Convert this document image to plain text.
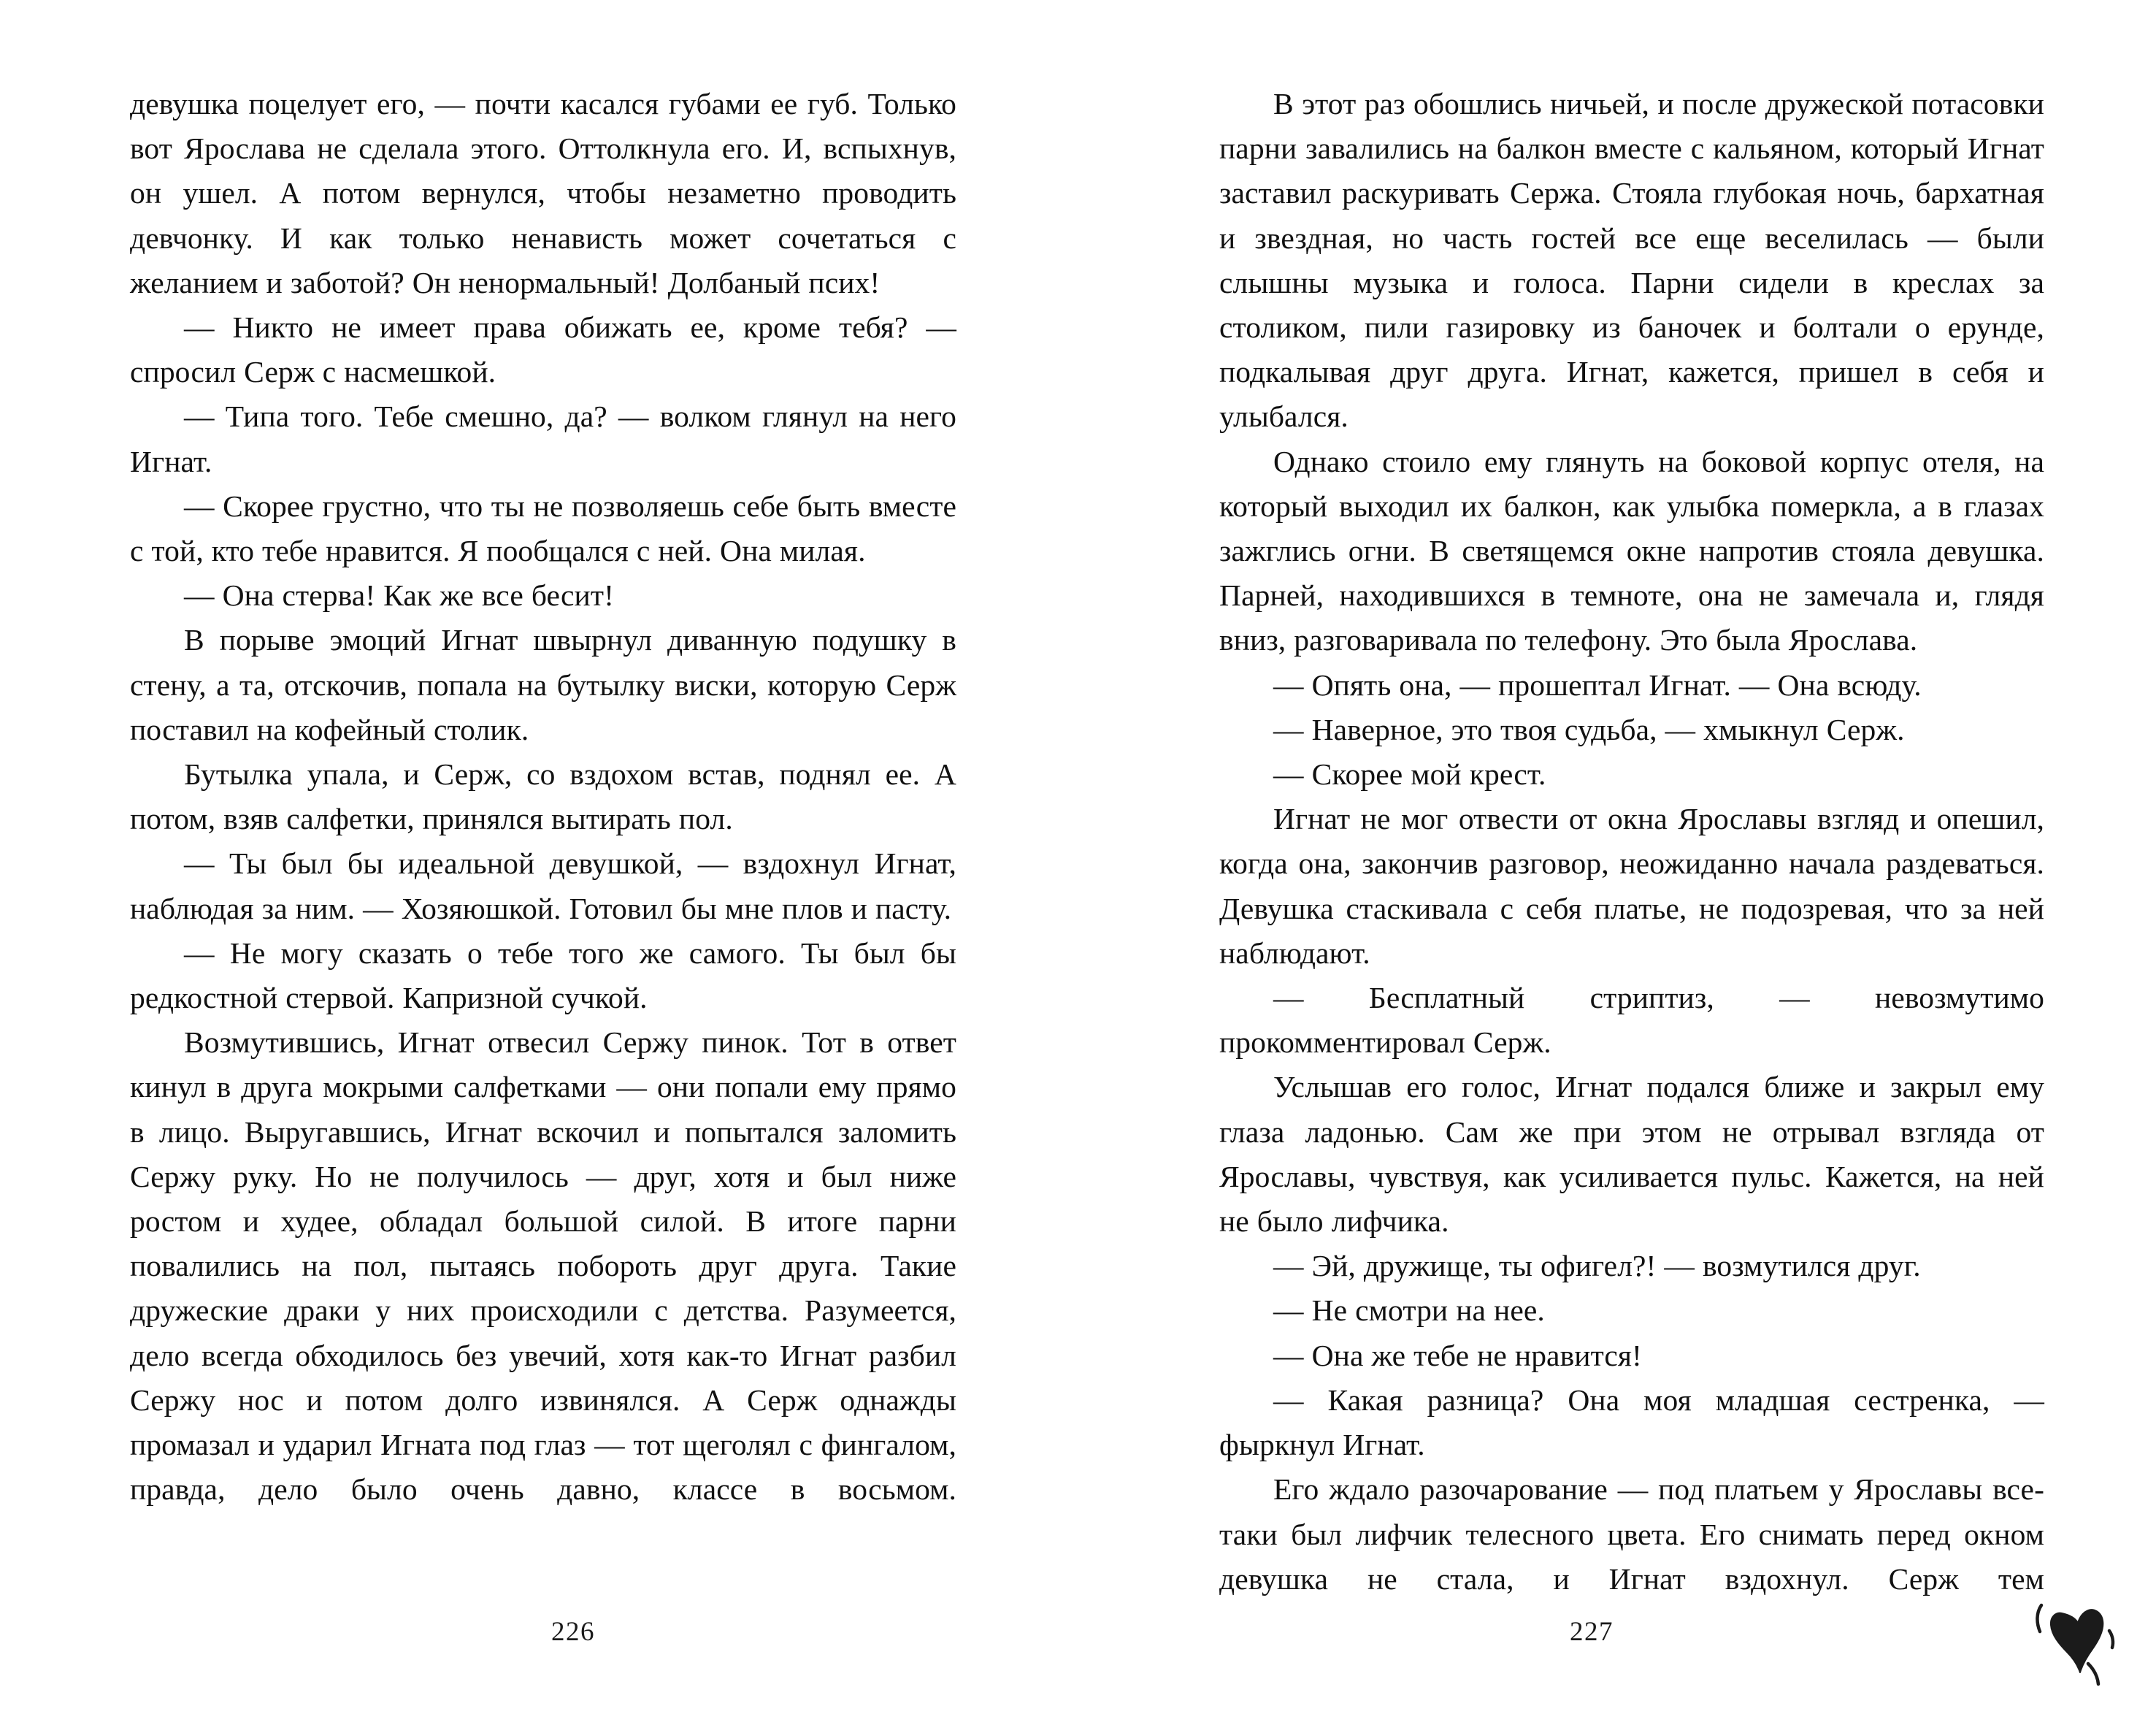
девушка поцелует его, — почти касался губами ее губ. Только вот Ярослава не сделала этого. Оттолкнула его. И, вспыхнув, он ушел. А потом вернулся, чтобы незаметно проводить девчонку. И как только ненависть может сочетаться с желанием и заботой? Он ненормальный! Долбаный псих!

— Никто не имеет права обижать ее, кроме тебя? — спросил Серж с насмешкой.

— Типа того. Тебе смешно, да? — волком глянул на него Игнат.

— Скорее грустно, что ты не позволяешь себе быть вместе с той, кто тебе нравится. Я пообщался с ней. Она милая.

— Она стерва! Как же все бесит!

В порыве эмоций Игнат швырнул диванную подушку в стену, а та, отскочив, попала на бутылку виски, которую Серж поставил на кофейный столик.

Бутылка упала, и Серж, со вздохом встав, поднял ее. А потом, взяв салфетки, принялся вытирать пол.

— Ты был бы идеальной девушкой, — вздохнул Игнат, наблюдая за ним. — Хозяюшкой. Готовил бы мне плов и пасту.

— Не могу сказать о тебе того же самого. Ты был бы редкостной стервой. Капризной сучкой.

Возмутившись, Игнат отвесил Сержу пинок. Тот в ответ кинул в друга мокрыми салфетками — они попали ему прямо в лицо. Выругавшись, Игнат вскочил и попытался заломить Сержу руку. Но не получилось — друг, хотя и был ниже ростом и худее, обладал большой силой. В итоге парни повалились на пол, пытаясь побороть друг друга. Такие дружеские драки у них происходили с детства. Разумеется, дело всегда обходилось без увечий, хотя как-то Игнат разбил Сержу нос и потом долго извинялся. А Серж однажды промазал и ударил Игната под глаз — тот щеголял с фингалом, правда, дело было очень давно, классе в восьмом.

В этот раз обошлись ничьей, и после дружеской потасовки парни завалились на балкон вместе с кальяном, который Игнат заставил раскуривать Сержа. Стояла глубокая ночь, бархатная и звездная, но часть гостей все еще веселилась — были слышны музыка и голоса. Парни сидели в креслах за столиком, пили газировку из баночек и болтали о ерунде, подкалывая друг друга. Игнат, кажется, пришел в себя и улыбался.

Однако стоило ему глянуть на боковой корпус отеля, на который выходил их балкон, как улыбка померкла, а в глазах зажглись огни. В светящемся окне напротив стояла девушка. Парней, находившихся в темноте, она не замечала и, глядя вниз, разговаривала по телефону. Это была Ярослава.

— Опять она, — прошептал Игнат. — Она всюду.

— Наверное, это твоя судьба, — хмыкнул Серж.

— Скорее мой крест.

Игнат не мог отвести от окна Ярославы взгляд и опешил, когда она, закончив разговор, неожиданно начала раздеваться. Девушка стаскивала с себя платье, не подозревая, что за ней наблюдают.

— Бесплатный стриптиз, — невозмутимо прокомментировал Серж.

Услышав его голос, Игнат подался ближе и закрыл ему глаза ладонью. Сам же при этом не отрывал взгляда от Ярославы, чувствуя, как усиливается пульс. Кажется, на ней не было лифчика.

— Эй, дружище, ты офигел?! — возмутился друг.

— Не смотри на нее.

— Она же тебе не нравится!

— Какая разница? Она моя младшая сестренка, — фыркнул Игнат.

Его ждало разочарование — под платьем у Ярославы все-таки был лифчик телесного цвета. Его снимать перед окном девушка не стала, и Игнат вздохнул. Серж тем

226	227
